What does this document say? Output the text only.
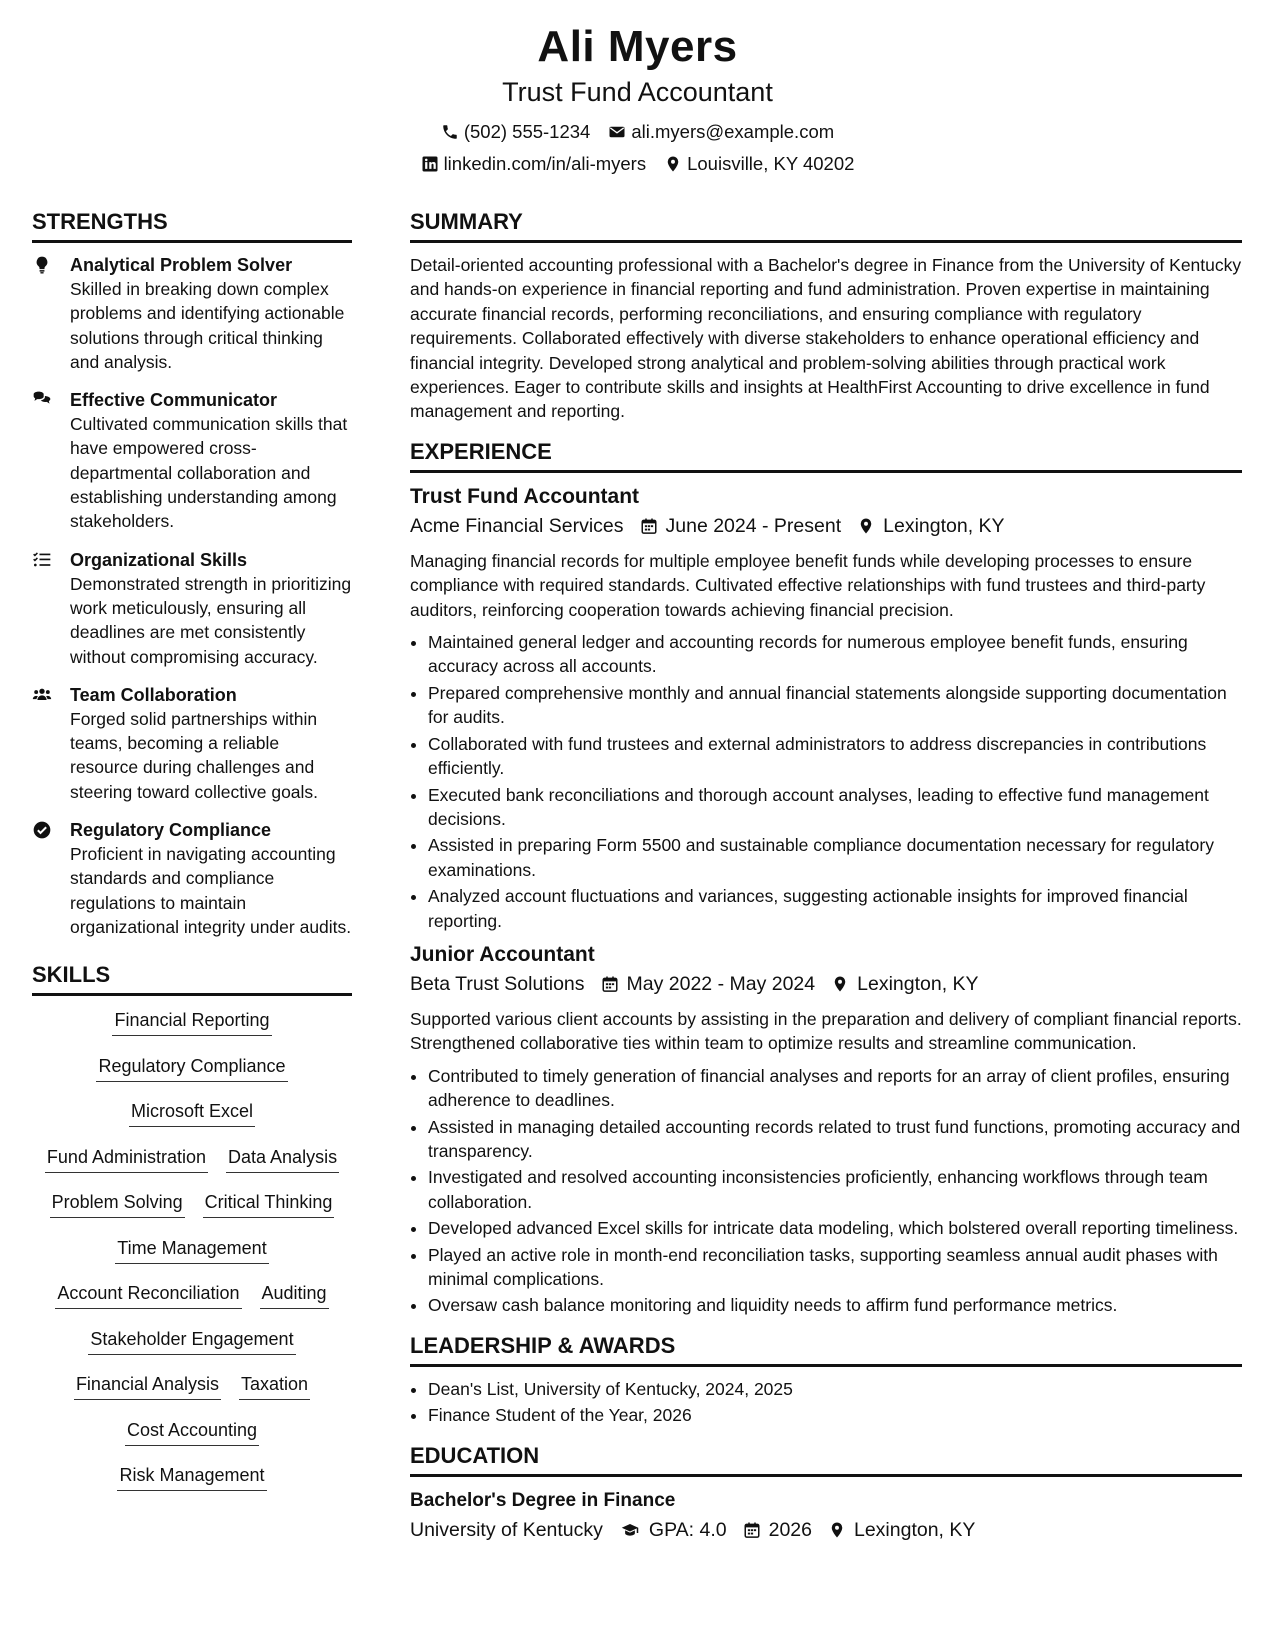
Ali Myers
Trust Fund Accountant
(502) 555-1234 ali.myers@example.com
linkedin.com/in/ali-myers Louisville, KY 40202
STRENGTHS
Analytical Problem Solver
Skilled in breaking down complex problems and identifying actionable solutions through critical thinking and analysis.
Effective Communicator
Cultivated communication skills that have empowered cross-departmental collaboration and establishing understanding among stakeholders.
Organizational Skills
Demonstrated strength in prioritizing work meticulously, ensuring all deadlines are met consistently without compromising accuracy.
Team Collaboration
Forged solid partnerships within teams, becoming a reliable resource during challenges and steering toward collective goals.
Regulatory Compliance
Proficient in navigating accounting standards and compliance regulations to maintain organizational integrity under audits.
SKILLS
Financial Reporting
Regulatory Compliance
Microsoft Excel
Fund Administration Data Analysis
Problem Solving Critical Thinking
Time Management
Account Reconciliation Auditing
Stakeholder Engagement
Financial Analysis Taxation
Cost Accounting
Risk Management
SUMMARY

Detail-oriented accounting professional with a Bachelor's degree in Finance from the University of Kentucky and hands-on experience in financial reporting and fund administration. Proven expertise in maintaining accurate financial records, performing reconciliations, and ensuring compliance with regulatory requirements. Collaborated effectively with diverse stakeholders to enhance operational efficiency and financial integrity. Developed strong analytical and problem-solving abilities through practical work experiences. Eager to contribute skills and insights at HealthFirst Accounting to drive excellence in fund management and reporting.

EXPERIENCE
Trust Fund Accountant
Acme Financial Services June 2024 - Present Lexington, KY

Managing financial records for multiple employee benefit funds while developing processes to ensure compliance with required standards. Cultivated effective relationships with fund trustees and third-party auditors, reinforcing cooperation towards achieving financial precision.

• Maintained general ledger and accounting records for numerous employee benefit funds, ensuring accuracy across all accounts.
• Prepared comprehensive monthly and annual financial statements alongside supporting documentation for audits.
• Collaborated with fund trustees and external administrators to address discrepancies in contributions efficiently.
• Executed bank reconciliations and thorough account analyses, leading to effective fund management decisions.
• Assisted in preparing Form 5500 and sustainable compliance documentation necessary for regulatory examinations.
• Analyzed account fluctuations and variances, suggesting actionable insights for improved financial reporting.
Junior Accountant
Beta Trust Solutions May 2022 - May 2024 Lexington, KY

Supported various client accounts by assisting in the preparation and delivery of compliant financial reports. Strengthened collaborative ties within team to optimize results and streamline communication.

• Contributed to timely generation of financial analyses and reports for an array of client profiles, ensuring adherence to deadlines.
• Assisted in managing detailed accounting records related to trust fund functions, promoting accuracy and transparency.
• Investigated and resolved accounting inconsistencies proficiently, enhancing workflows through team collaboration.
• Developed advanced Excel skills for intricate data modeling, which bolstered overall reporting timeliness.
• Played an active role in month-end reconciliation tasks, supporting seamless annual audit phases with minimal complications.
• Oversaw cash balance monitoring and liquidity needs to affirm fund performance metrics.
LEADERSHIP & AWARDS
• Dean's List, University of Kentucky, 2024, 2025
• Finance Student of the Year, 2026
EDUCATION
Bachelor's Degree in Finance
University of Kentucky GPA: 4.0 2026 Lexington, KY
